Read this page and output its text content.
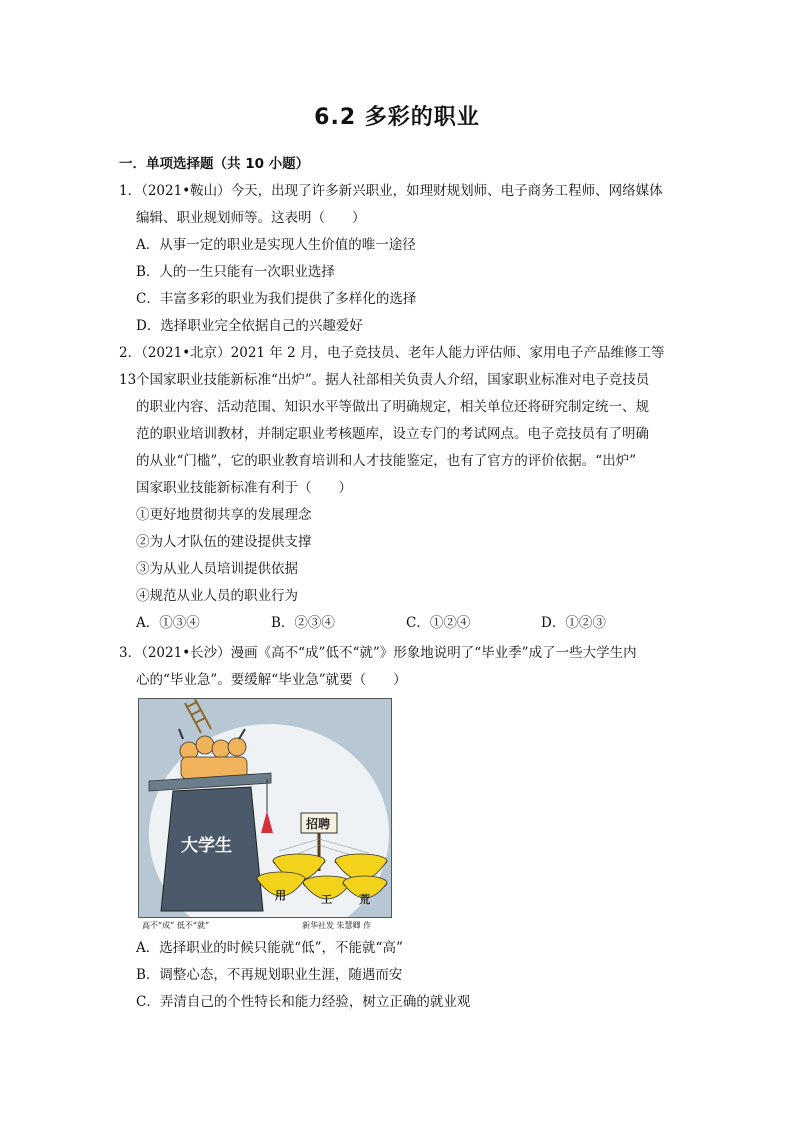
6.2 多彩的职业
一．单项选择题（共 10 小题）
1．（2021•鞍山）今天，出现了许多新兴职业，如理财规划师、电子商务工程师、网络媒体
编辑、职业规划师等。这表明（　　）
A．从事一定的职业是实现人生价值的唯一途径
B．人的一生只能有一次职业选择
C．丰富多彩的职业为我们提供了多样化的选择
D．选择职业完全依据自己的兴趣爱好
2．（2021•北京）2021 年 2 月，电子竞技员、老年人能力评估师、家用电子产品维修工等 13 个国家职业技能新标准“出炉”。据人社部相关负责人介绍，国家职业标准对电子竞技员
的职业内容、活动范围、知识水平等做出了明确规定，相关单位还将研究制定统一、规
范的职业培训教材，并制定职业考核题库，设立专门的考试网点。电子竞技员有了明确
的从业“门槛”，它的职业教育培训和人才技能鉴定，也有了官方的评价依据。“出炉”
国家职业技能新标准有利于（　　）
①更好地贯彻共享的发展理念
②为人才队伍的建设提供支撑
③为从业人员培训提供依据
④规范从业人员的职业行为
A．①③④	B．②③④	C．①②④	D．①②③
3．（2021•长沙）漫画《高不“成”低不“就”》形象地说明了“毕业季”成了一些大学生内
心的“毕业急”。要缓解“毕业急”就要（　　）
大学生
招聘
用	工 荒
高不“成” 低不“就”	新华社发 朱慧卿 作
A．选择职业的时候只能就“低”，不能就“高”
B．调整心态，不再规划职业生涯，随遇而安
C．弄清自己的个性特长和能力经验，树立正确的就业观
